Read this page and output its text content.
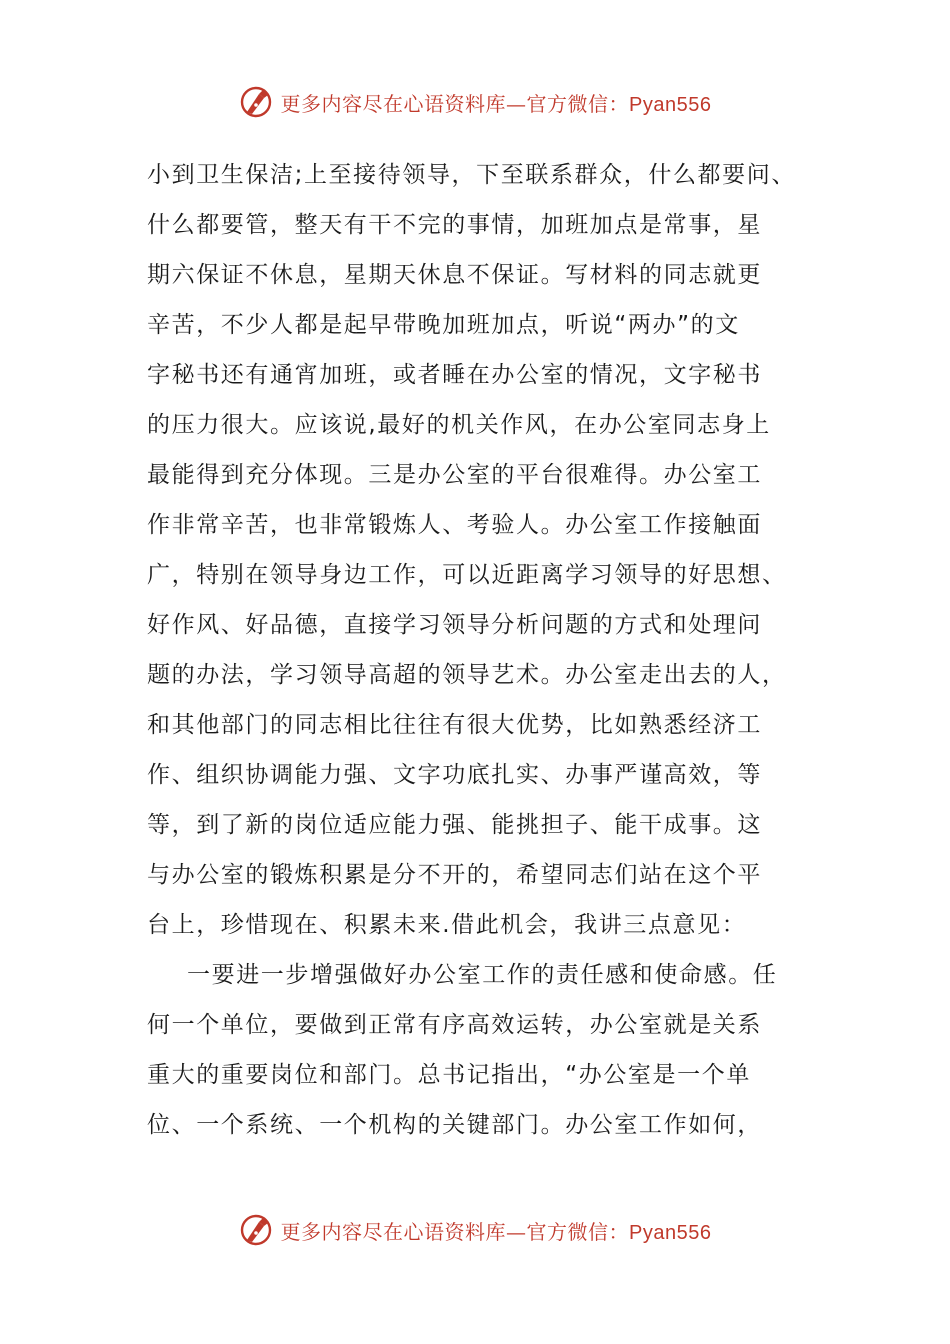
更多内容尽在心语资料库—官方微信：Pyan556
小到卫生保洁;上至接待领导，下至联系群众，什么都要问、
什么都要管，整天有干不完的事情，加班加点是常事，星
期六保证不休息，星期天休息不保证。写材料的同志就更
辛苦，不少人都是起早带晚加班加点，听说“两办”的文
字秘书还有通宵加班，或者睡在办公室的情况，文字秘书
的压力很大。应该说,最好的机关作风，在办公室同志身上
最能得到充分体现。三是办公室的平台很难得。办公室工
作非常辛苦，也非常锻炼人、考验人。办公室工作接触面
广，特别在领导身边工作，可以近距离学习领导的好思想、
好作风、好品德，直接学习领导分析问题的方式和处理问
题的办法，学习领导高超的领导艺术。办公室走出去的人，
和其他部门的同志相比往往有很大优势，比如熟悉经济工
作、组织协调能力强、文字功底扎实、办事严谨高效，等
等，到了新的岗位适应能力强、能挑担子、能干成事。这
与办公室的锻炼积累是分不开的，希望同志们站在这个平
台上，珍惜现在、积累未来.借此机会，我讲三点意见：
一要进一步增强做好办公室工作的责任感和使命感。任
何一个单位，要做到正常有序高效运转，办公室就是关系
重大的重要岗位和部门。总书记指出，“办公室是一个单
位、一个系统、一个机构的关键部门。办公室工作如何，
更多内容尽在心语资料库—官方微信：Pyan556
